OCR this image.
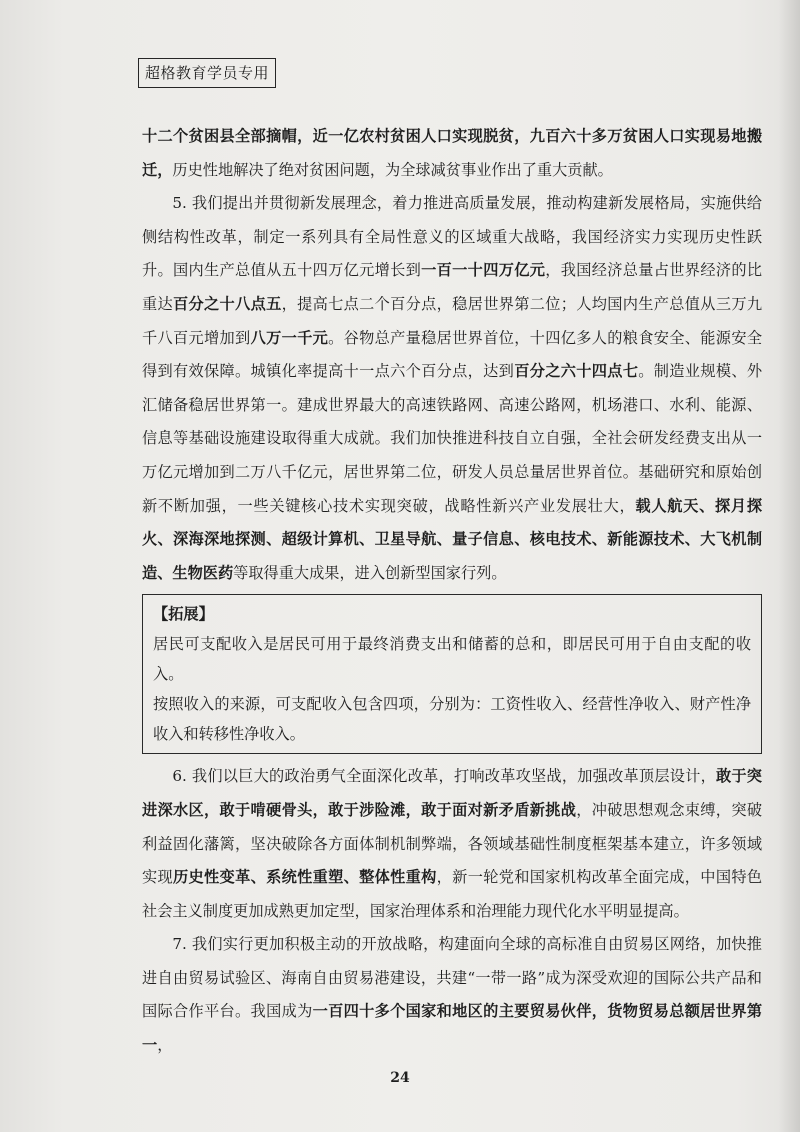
超格教育学员专用

十二个贫困县全部摘帽，近一亿农村贫困人口实现脱贫，九百六十多万贫困人口实现易地搬迁，历史性地解决了绝对贫困问题，为全球减贫事业作出了重大贡献。

5. 我们提出并贯彻新发展理念，着力推进高质量发展，推动构建新发展格局，实施供给侧结构性改革，制定一系列具有全局性意义的区域重大战略，我国经济实力实现历史性跃升。国内生产总值从五十四万亿元增长到一百一十四万亿元，我国经济总量占世界经济的比重达百分之十八点五，提高七点二个百分点，稳居世界第二位；人均国内生产总值从三万九千八百元增加到八万一千元。谷物总产量稳居世界首位，十四亿多人的粮食安全、能源安全得到有效保障。城镇化率提高十一点六个百分点，达到百分之六十四点七。制造业规模、外汇储备稳居世界第一。建成世界最大的高速铁路网、高速公路网，机场港口、水利、能源、信息等基础设施建设取得重大成就。我们加快推进科技自立自强，全社会研发经费支出从一万亿元增加到二万八千亿元，居世界第二位，研发人员总量居世界首位。基础研究和原始创新不断加强，一些关键核心技术实现突破，战略性新兴产业发展壮大，载人航天、探月探火、深海深地探测、超级计算机、卫星导航、量子信息、核电技术、新能源技术、大飞机制造、生物医药等取得重大成果，进入创新型国家行列。

【拓展】
居民可支配收入是居民可用于最终消费支出和储蓄的总和，即居民可用于自由支配的收入。
按照收入的来源，可支配收入包含四项，分别为：工资性收入、经营性净收入、财产性净收入和转移性净收入。

6. 我们以巨大的政治勇气全面深化改革，打响改革攻坚战，加强改革顶层设计，敢于突进深水区，敢于啃硬骨头，敢于涉险滩，敢于面对新矛盾新挑战，冲破思想观念束缚，突破利益固化藩篱，坚决破除各方面体制机制弊端，各领域基础性制度框架基本建立，许多领域实现历史性变革、系统性重塑、整体性重构，新一轮党和国家机构改革全面完成，中国特色社会主义制度更加成熟更加定型，国家治理体系和治理能力现代化水平明显提高。

7. 我们实行更加积极主动的开放战略，构建面向全球的高标准自由贸易区网络，加快推进自由贸易试验区、海南自由贸易港建设，共建“一带一路”成为深受欢迎的国际公共产品和国际合作平台。我国成为一百四十多个国家和地区的主要贸易伙伴，货物贸易总额居世界第一，

24
